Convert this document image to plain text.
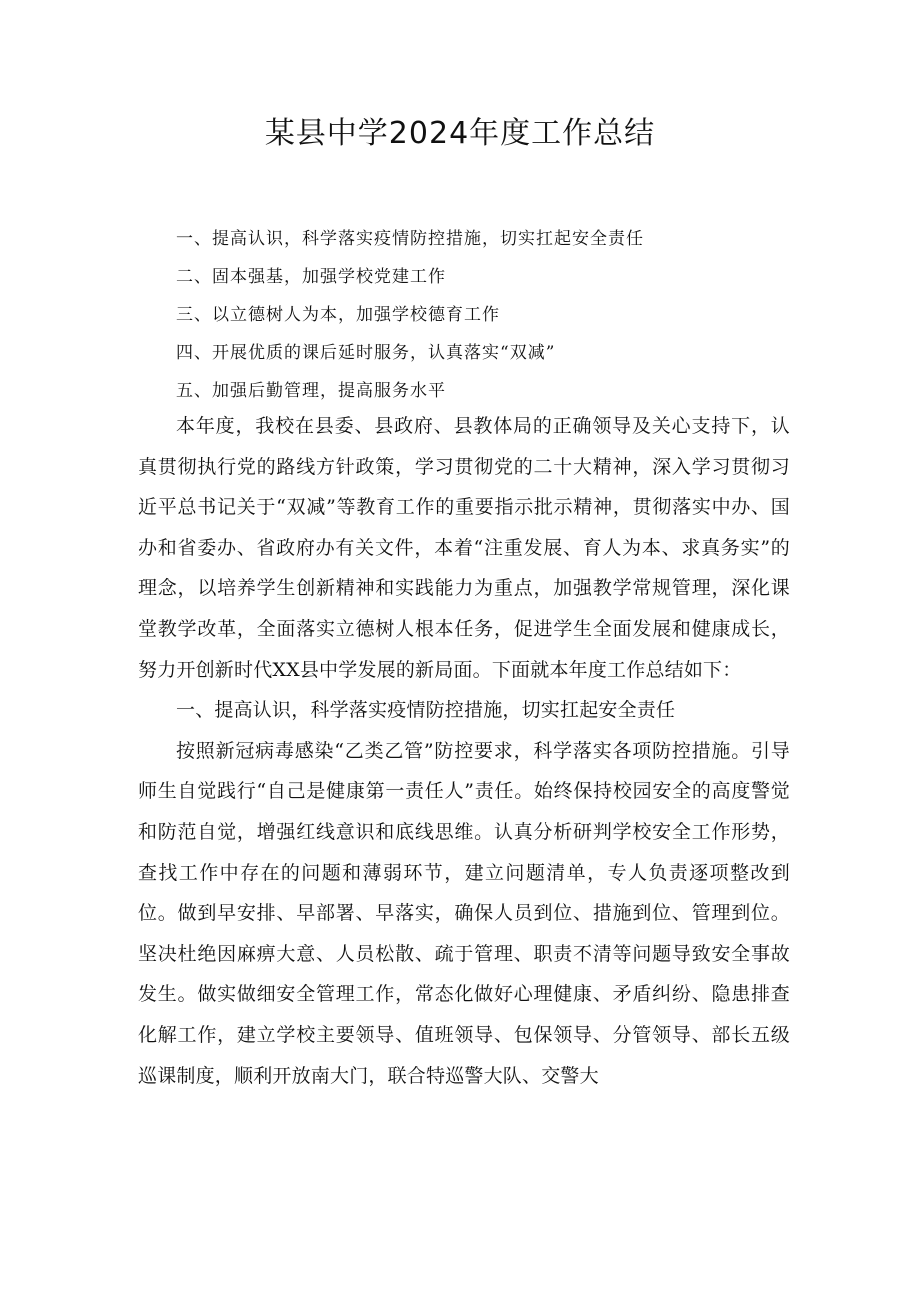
某县中学2024年度工作总结
一、提高认识，科学落实疫情防控措施，切实扛起安全责任
二、固本强基，加强学校党建工作
三、以立德树人为本，加强学校德育工作
四、开展优质的课后延时服务，认真落实“双减”
五、加强后勤管理，提高服务水平

本年度，我校在县委、县政府、县教体局的正确领导及关心支持下，认真贯彻执行党的路线方针政策，学习贯彻党的二十大精神，深入学习贯彻习近平总书记关于“双减”等教育工作的重要指示批示精神，贯彻落实中办、国办和省委办、省政府办有关文件，本着“注重发展、育人为本、求真务实”的理念，以培养学生创新精神和实践能力为重点，加强教学常规管理，深化课堂教学改革，全面落实立德树人根本任务，促进学生全面发展和健康成长，努力开创新时代XX县中学发展的新局面。下面就本年度工作总结如下：

一、提高认识，科学落实疫情防控措施，切实扛起安全责任

按照新冠病毒感染“乙类乙管”防控要求，科学落实各项防控措施。引导师生自觉践行“自己是健康第一责任人”责任。始终保持校园安全的高度警觉和防范自觉，增强红线意识和底线思维。认真分析研判学校安全工作形势，查找工作中存在的问题和薄弱环节，建立问题清单，专人负责逐项整改到位。做到早安排、早部署、早落实，确保人员到位、措施到位、管理到位。坚决杜绝因麻痹大意、人员松散、疏于管理、职责不清等问题导致安全事故发生。做实做细安全管理工作，常态化做好心理健康、矛盾纠纷、隐患排查化解工作，建立学校主要领导、值班领导、包保领导、分管领导、部长五级巡课制度，顺利开放南大门，联合特巡警大队、交警大
